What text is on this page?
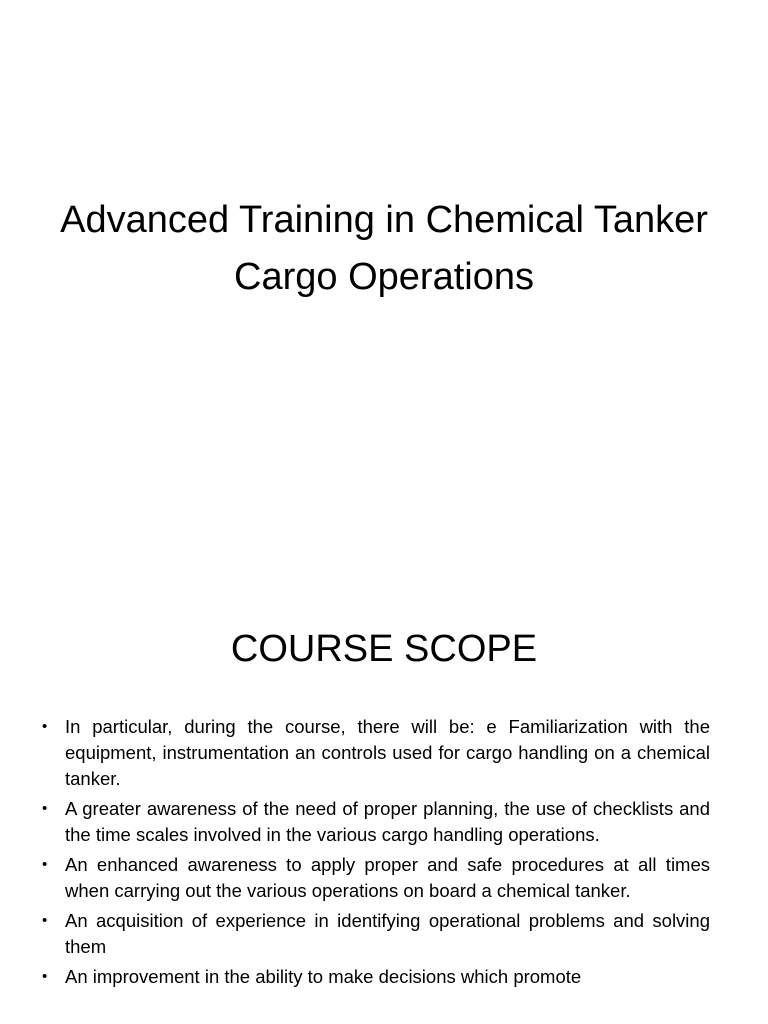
Advanced Training in Chemical Tanker Cargo Operations
COURSE SCOPE
• In particular, during the course, there will be: e Familiarization with the equipment, instrumentation an controls used for cargo handling on a chemical tanker.
• A greater awareness of the need of proper planning, the use of checklists and the time scales involved in the various cargo handling operations.
• An enhanced awareness to apply proper and safe procedures at all times when carrying out the various operations on board a chemical tanker.
• An acquisition of experience in identifying operational problems and solving them
• An improvement in the ability to make decisions which promote
